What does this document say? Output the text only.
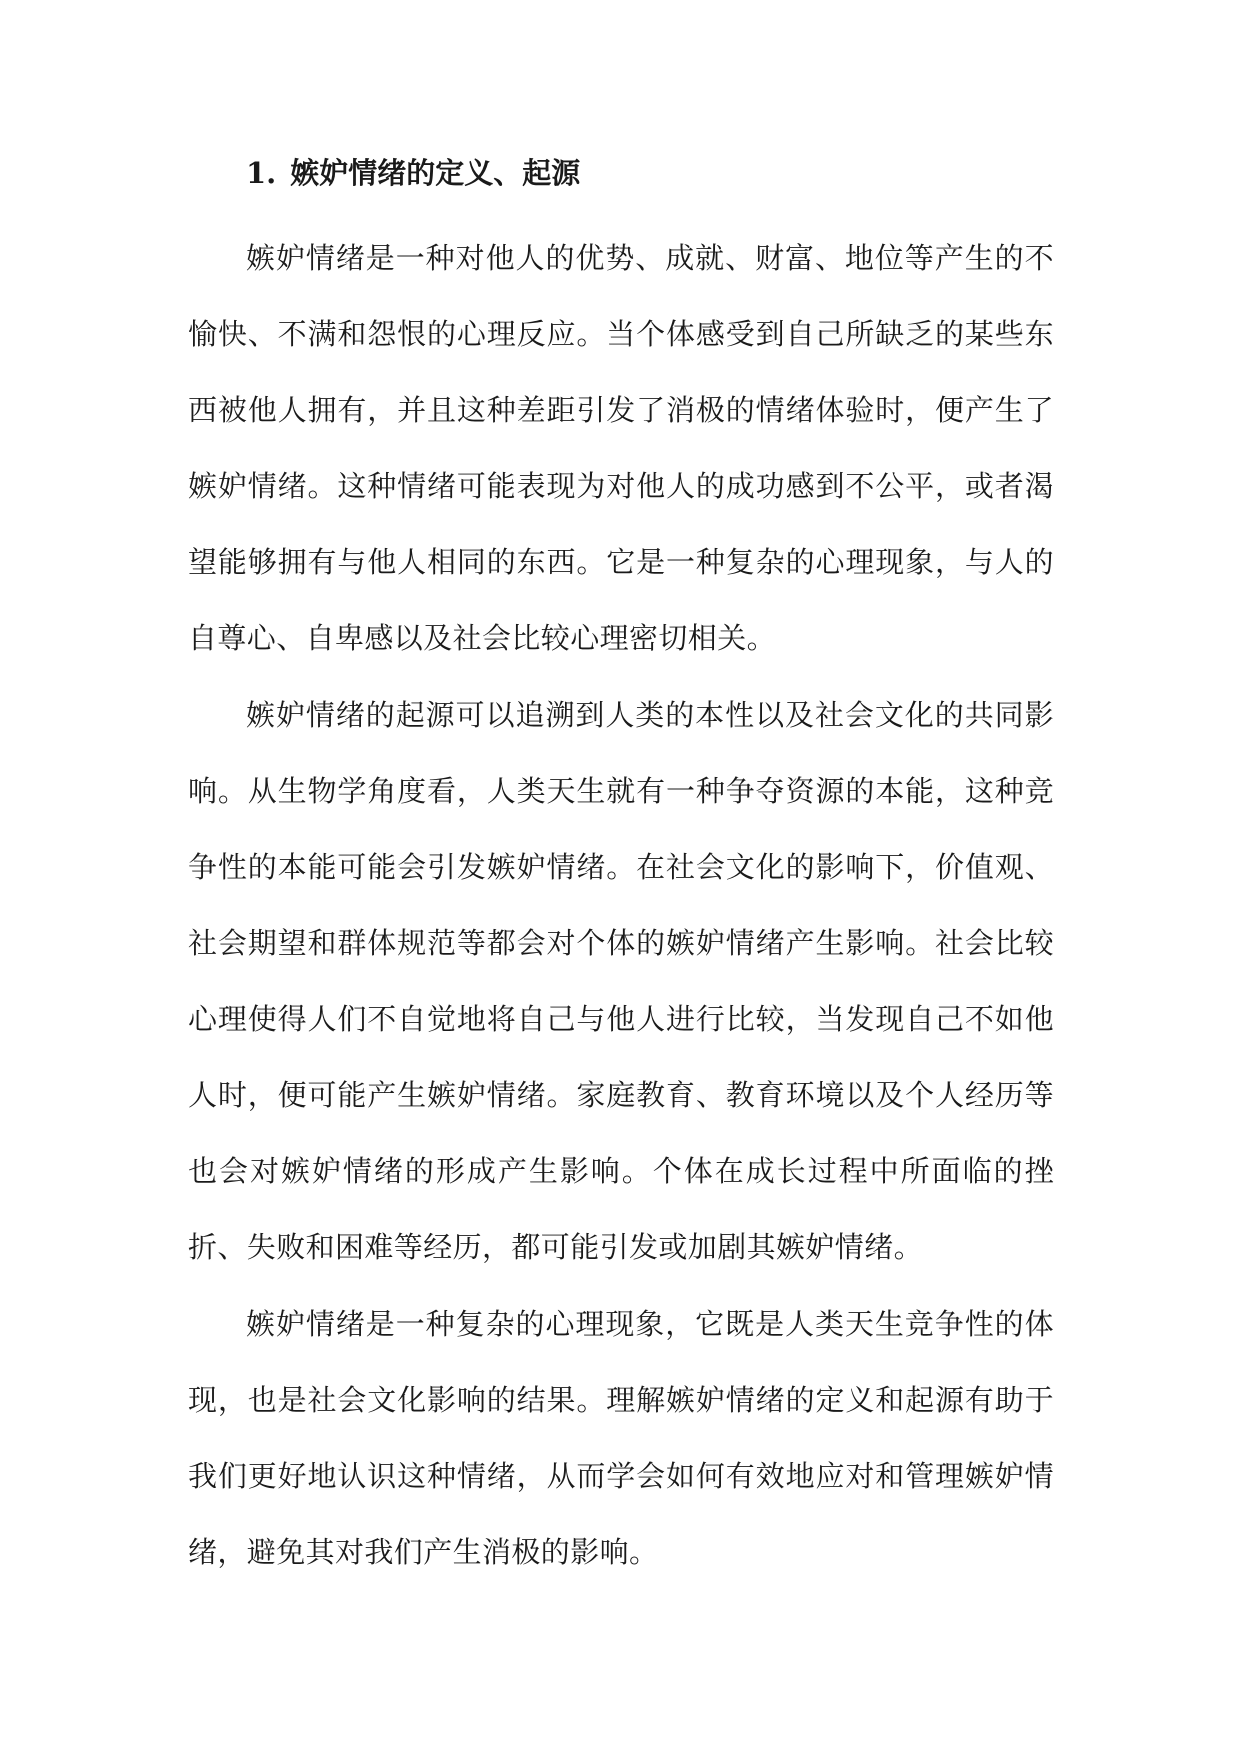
1. 嫉妒情绪的定义、起源

嫉妒情绪是一种对他人的优势、成就、财富、地位等产生的不愉快、不满和怨恨的心理反应。当个体感受到自己所缺乏的某些东西被他人拥有，并且这种差距引发了消极的情绪体验时，便产生了嫉妒情绪。这种情绪可能表现为对他人的成功感到不公平，或者渴望能够拥有与他人相同的东西。它是一种复杂的心理现象，与人的自尊心、自卑感以及社会比较心理密切相关。

嫉妒情绪的起源可以追溯到人类的本性以及社会文化的共同影响。从生物学角度看，人类天生就有一种争夺资源的本能，这种竞争性的本能可能会引发嫉妒情绪。在社会文化的影响下，价值观、社会期望和群体规范等都会对个体的嫉妒情绪产生影响。社会比较心理使得人们不自觉地将自己与他人进行比较，当发现自己不如他人时，便可能产生嫉妒情绪。家庭教育、教育环境以及个人经历等也会对嫉妒情绪的形成产生影响。个体在成长过程中所面临的挫折、失败和困难等经历，都可能引发或加剧其嫉妒情绪。

嫉妒情绪是一种复杂的心理现象，它既是人类天生竞争性的体现，也是社会文化影响的结果。理解嫉妒情绪的定义和起源有助于我们更好地认识这种情绪，从而学会如何有效地应对和管理嫉妒情绪，避免其对我们产生消极的影响。
